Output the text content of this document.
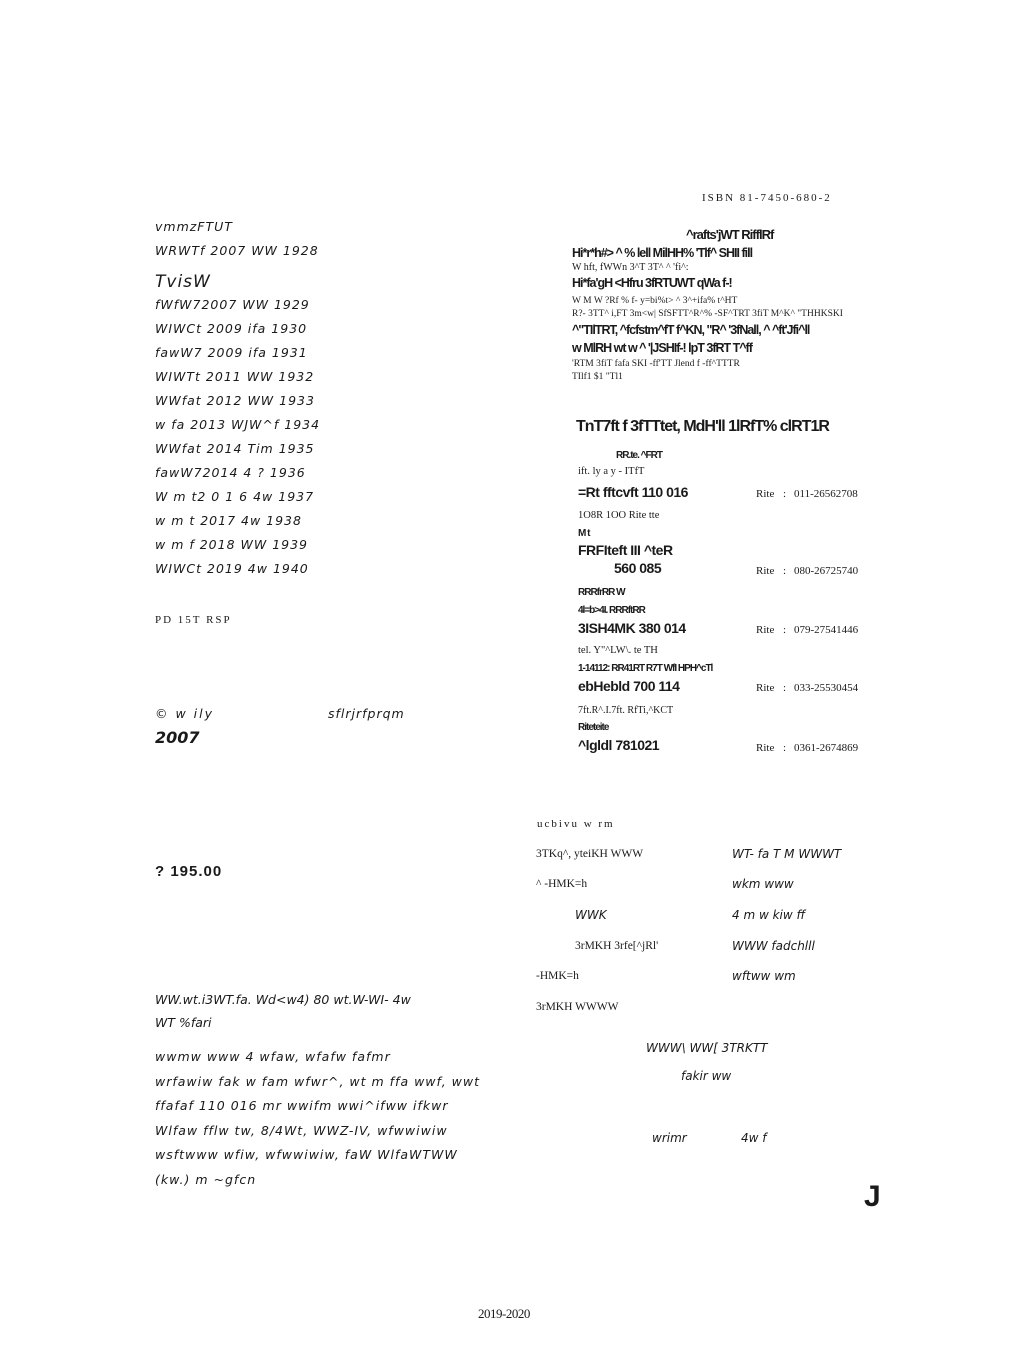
ISBN 81-7450-680-2
vmmzFTUT
WRWTf 2007 WW 1928
TvisW
fWfW72007 WW 1929
WIWCt 2009 ifa 1930
fawW7 2009 ifa 1931
WIWTt 2011 WW 1932
WWfat 2012 WW 1933
w fa 2013 WJW^f 1934
WWfat 2014 Tim 1935
fawW72014 4 ? 1936
W m t2 0 1 6 4w 1937
w m t 2017 4w 1938
w m f 2018 WW 1939
WIWCt 2019 4w 1940
PD 15T RSP
© w ily	sflrjrfprqm
2007
? 195.00
WW.wt.i3WT.fa. Wd<w4) 80 wt.W-WI- 4w
WT %fari
wwmw www 4 wfaw, wfafw fafmr
wrfawiw fak w fam wfwr^, wt m ffa wwf, wwt
ffafaf 110 016 mr wwifm wwi^ifww ifkwr
Wlfaw fflw tw, 8/4Wt, WWZ-IV, wfwwiwiw
wsftwww wfiw, wfwwiwiw, faW WlfaWTWW
(kw.) m ~gfcn
^rafts'jWT RifflRf
Hi*r*h#> ^ % lell MilHH% 'Tlf^ SHII fill
W hft, fWWn 3^T 3T^ ^ 'fi^:
Hi*fa'gH <Hfru 3fRTUWT qWa f-!
W M W ?Rf % f- y=bi%t> ^ 3^+ifa% t^HT
R?- 3TT^ i,FT 3m<w| SfSFTT^R^% -SF^TRT 3fiT M^K^ "THHKSKI
^"TIlTRT, ^fcfstm^fT f^KN, "R^ '3fNall, ^ ^ft'Jfi^ll
w MlRH wt w ^ '|JSHIf-! lpT 3fRT T^ff
'RTM 3fiT fafa SKI -ff'TT Jlend f -ff^TTTR
TIlf1 $1 "Tl1
TnT7ft f 3fTTtet, MdH'll 1lRfT% clRT1R
RR.te. ^FRT
ift. ly a y - ITfT
=Rt fftcvft 110 016	Rite : 011-26562708
1O8R 1OO Rite tte
M t
FRFIteft III ^teR
560 085	Rite : 080-26725740
RRRfrRR W
4l=b>4I. RRRftRR
3ISH4MK 380 014	Rite : 079-27541446
tel. Y"^LW\. te TH
1-14112: RR41RT R7T WfI HPH^cTl
ebHebld 700 114	Rite : 033-25530454
7ft.R^.I.7ft. RfTi,^KCT
Riteteite
^lgldl 781021	Rite : 0361-2674869
ucbivu w rm
3TKq^, yteiKH WWW	WT- fa T M WWWT
^ -HMK=h	wkm www
WWK	4 m w kiw ff
3rMKH 3rfe[^jRl'	WWW fadchlll
-HMK=h	wftww wm
3rMKH WWWW
WWW\ WW[ 3TRKTT
fakir ww
wrimr	4w f
J
2019-2020
